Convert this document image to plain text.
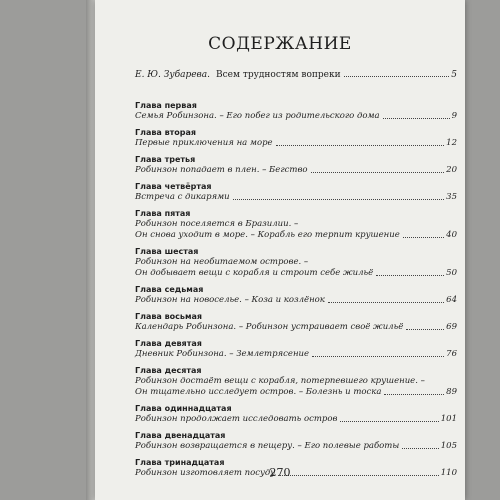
СОДЕРЖАНИЕ
Е. Ю. Зубарева. Всем трудностям вопреки	5
Глава первая
Семья Робинзона. – Его побег из родительского дома	9
Глава вторая
Первые приключения на море	12
Глава третья
Робинзон попадает в плен. – Бегство	20
Глава четвёртая
Встреча с дикарями	35
Глава пятая
Робинзон поселяется в Бразилии. –
Он снова уходит в море. – Корабль его терпит крушение	40
Глава шестая
Робинзон на необитаемом острове. –
Он добывает вещи с корабля и строит себе жильё	50
Глава седьмая
Робинзон на новоселье. – Коза и козлёнок	64
Глава восьмая
Календарь Робинзона. – Робинзон устраивает своё жильё	69
Глава девятая
Дневник Робинзона. – Землетрясение	76
Глава десятая
Робинзон достаёт вещи с корабля, потерпевшего крушение. –
Он тщательно исследует остров. – Болезнь и тоска	89
Глава одиннадцатая
Робинзон продолжает исследовать остров	101
Глава двенадцатая
Робинзон возвращается в пещеру. – Его полевые работы	105
Глава тринадцатая
Робинзон изготовляет посуду	110
270
